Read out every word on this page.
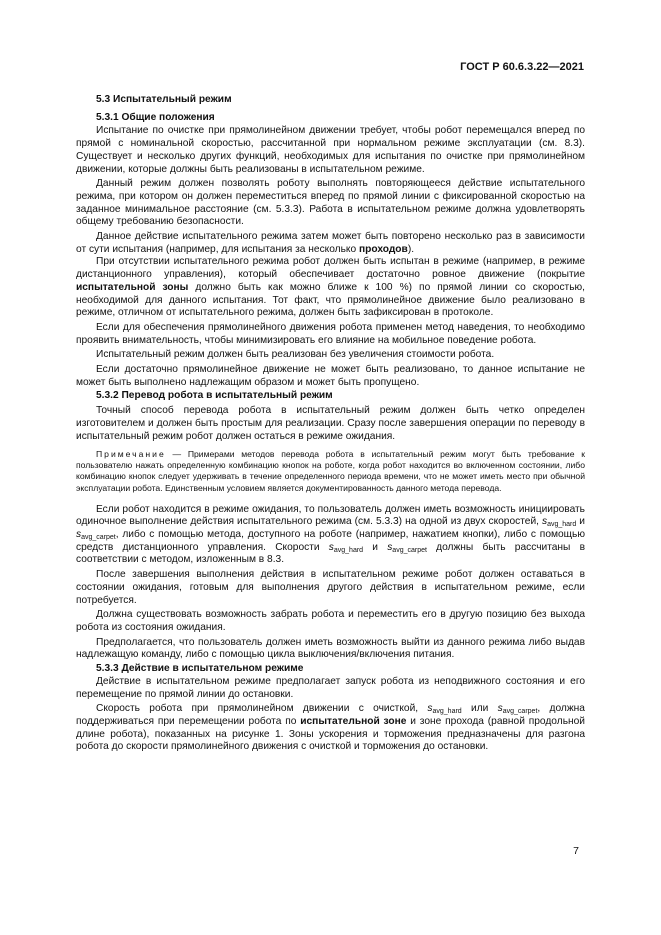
ГОСТ Р 60.6.3.22—2021

5.3 Испытательный режим

5.3.1 Общие положения

Испытание по очистке при прямолинейном движении требует, чтобы робот перемещался вперед по прямой с номинальной скоростью, рассчитанной при нормальном режиме эксплуатации (см. 8.3). Существует и несколько других функций, необходимых для испытания по очистке при прямолинейном движении, которые должны быть реализованы в испытательном режиме.

Данный режим должен позволять роботу выполнять повторяющееся действие испытательного режима, при котором он должен переместиться вперед по прямой линии с фиксированной скоростью на заданное минимальное расстояние (см. 5.3.3). Работа в испытательном режиме должна удовлетворять общему требованию безопасности.

Данное действие испытательного режима затем может быть повторено несколько раз в зависимости от сути испытания (например, для испытания за несколько проходов).

При отсутствии испытательного режима робот должен быть испытан в режиме (например, в режиме дистанционного управления), который обеспечивает достаточно ровное движение (покрытие испытательной зоны должно быть как можно ближе к 100 %) по прямой линии со скоростью, необходимой для данного испытания. Тот факт, что прямолинейное движение было реализовано в режиме, отличном от испытательного режима, должен быть зафиксирован в протоколе.

Если для обеспечения прямолинейного движения робота применен метод наведения, то необходимо проявить внимательность, чтобы минимизировать его влияние на мобильное поведение робота.

Испытательный режим должен быть реализован без увеличения стоимости робота.

Если достаточно прямолинейное движение не может быть реализовано, то данное испытание не может быть выполнено надлежащим образом и может быть пропущено.

5.3.2 Перевод робота в испытательный режим

Точный способ перевода робота в испытательный режим должен быть четко определен изготовителем и должен быть простым для реализации. Сразу после завершения операции по переводу в испытательный режим робот должен остаться в режиме ожидания.

Примечание — Примерами методов перевода робота в испытательный режим могут быть требование к пользователю нажать определенную комбинацию кнопок на роботе, когда робот находится во включенном состоянии, либо комбинацию кнопок следует удерживать в течение определенного периода времени, что не может иметь место при обычной эксплуатации робота. Единственным условием является документированность данного метода перевода.

Если робот находится в режиме ожидания, то пользователь должен иметь возможность инициировать одиночное выполнение действия испытательного режима (см. 5.3.3) на одной из двух скоростей, $s_{avg\_hard}$ и $s_{avg\_carpet}$, либо с помощью метода, доступного на роботе (например, нажатием кнопки), либо с помощью средств дистанционного управления. Скорости $s_{avg\_hard}$ и $s_{avg\_carpet}$ должны быть рассчитаны в соответствии с методом, изложенным в 8.3.

После завершения выполнения действия в испытательном режиме робот должен оставаться в состоянии ожидания, готовым для выполнения другого действия в испытательном режиме, если потребуется.

Должна существовать возможность забрать робота и переместить его в другую позицию без выхода робота из состояния ожидания.

Предполагается, что пользователь должен иметь возможность выйти из данного режима либо выдав надлежащую команду, либо с помощью цикла выключения/включения питания.

5.3.3 Действие в испытательном режиме

Действие в испытательном режиме предполагает запуск робота из неподвижного состояния и его перемещение по прямой линии до остановки.

Скорость робота при прямолинейном движении с очисткой, $s_{avg\_hard}$ или $s_{avg\_carpet}$, должна поддерживаться при перемещении робота по испытательной зоне и зоне прохода (равной продольной длине робота), показанных на рисунке 1. Зоны ускорения и торможения предназначены для разгона робота до скорости прямолинейного движения с очисткой и торможения до остановки.

7
